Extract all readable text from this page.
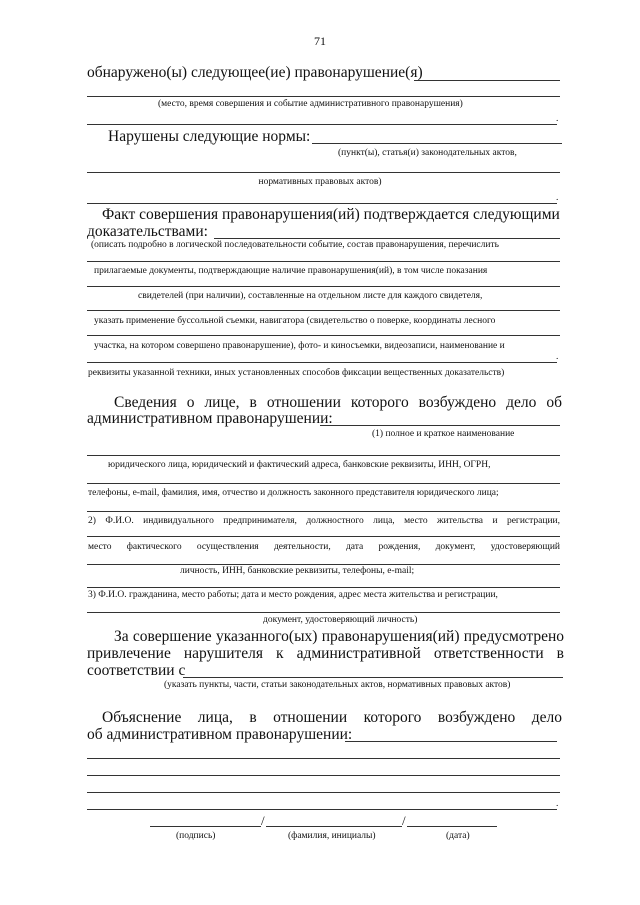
71
обнаружено(ы) следующее(ие) правонарушение(я)
(место, время совершения и событие административного правонарушения)
.
Нарушены следующие нормы:
(пункт(ы), статья(и) законодательных актов,
нормативных правовых актов)
.
Факт совершения правонарушения(ий) подтверждается следующими
доказательствами:
(описать подробно в логической последовательности событие, состав правонарушения, перечислить
прилагаемые документы, подтверждающие наличие правонарушения(ий), в том числе показания
свидетелей (при наличии), составленные на отдельном листе для каждого свидетеля,
указать применение буссольной съемки, навигатора (свидетельство о поверке, координаты лесного
участка, на котором совершено правонарушение), фото- и киносъемки, видеозаписи, наименование и
.
реквизиты указанной техники, иных установленных способов фиксации вещественных доказательств)
Сведения о лице, в отношении которого возбуждено дело об
административном правонарушении:
(1) полное и краткое наименование
юридического лица, юридический и фактический адреса, банковские реквизиты, ИНН, ОГРН,
телефоны, e-mail, фамилия, имя, отчество и должность законного представителя юридического лица;
2) Ф.И.О. индивидуального предпринимателя, должностного лица, место жительства и регистрации,
место фактического осуществления деятельности, дата рождения, документ, удостоверяющий
личность, ИНН, банковские реквизиты, телефоны, e-mail;
3) Ф.И.О. гражданина, место работы; дата и место рождения, адрес места жительства и регистрации,
документ, удостоверяющий личность)
За совершение указанного(ых) правонарушения(ий) предусмотрено
привлечение нарушителя к административной ответственности в
соответствии с
(указать пункты, части, статьи законодательных актов, нормативных правовых актов)
Объяснение лица, в отношении которого возбуждено дело
об административном правонарушении:
.
/	/
(подпись)	(фамилия, инициалы)	(дата)
